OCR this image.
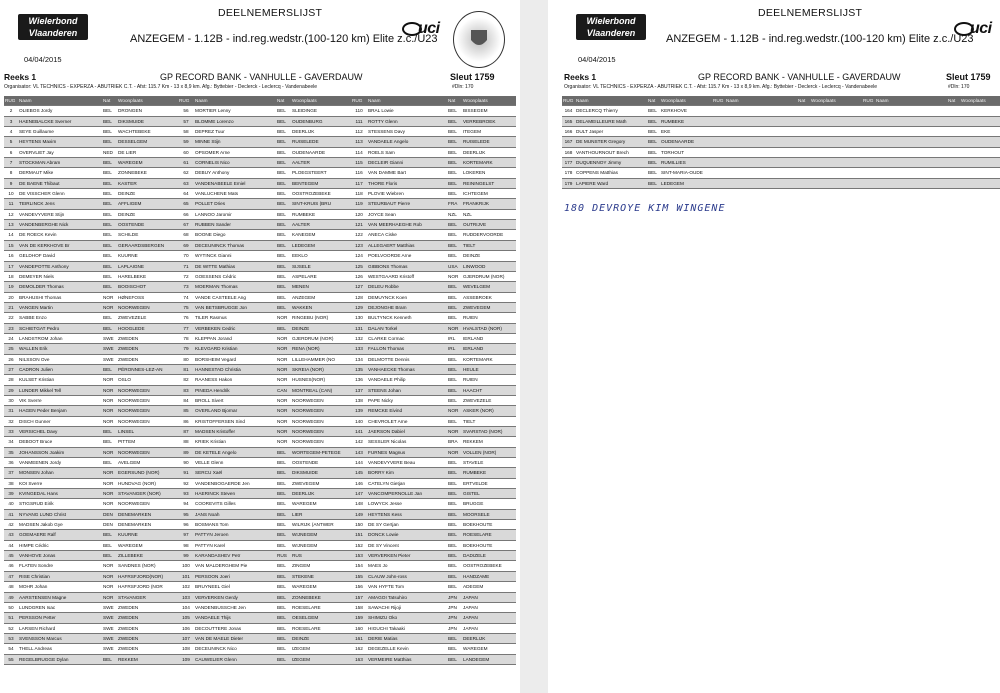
Wielerbond
Vlaanderen
04/04/2015
DEELNEMERSLIJST
ANZEGEM - 1.12B - ind.reg.wedstr.(100-120 km) Elite z.c./U23
uci
Reeks 1	GP RECORD BANK - VANHULLE - GAVERDAUW	Sleut 1759
Organisator: VL TECHNICS - EXPERZA - ABUTRIEK C.T. - Afst: 115.7 Km - 13 x 8,9 km. Afg.: Byttebier - Declerck - Leclercq - Vandenabeele	#Dln: 170
RUG	Naam	Nat	Woonplaats	RUG	Naam	Nat	Woonplaats	RUG	Naam	Nat	Woonplaats
2	OLIEBOS Jordy	BEL	DRONGEN	56	MORTIER Lenny	BEL	SLEIDINGE	110	BRAL Lowie	BEL	BISSEGEM
3	HAENEBALCKE Sverner	BEL	DIKSMUIDE	57	BLOMME Lorenzo	BEL	OUDENBURG	111	ROTTY Glenn	BEL	VERREBROEK
4	SEYE Guillaume	BEL	WACHTEBEKE	58	DEPREZ Tuur	BEL	DEERLIJK	112	STESSENS Davy	BEL	ITEGEM
5	HEYTENS Maxim	BEL	DESSELGEM	59	MINNE Stijn	BEL	RUISELEDE	113	VANDAELE Angelo	BEL	RUISELEDE
6	OVERVLIET Jay	NED	DE LIER	60	OPSOMER Arne	BEL	OUDENAARDE	114	ROELS Sam	BEL	DEERLIJK
7	STOCKMAN Abram	BEL	WAREGEM	61	CORNELIS Nico	BEL	AALTER	115	DECLEIR Gianni	BEL	KORTEMARK
8	DERMAUT Mike	BEL	ZONNEBEKE	62	DEBUY Anthony	BEL	PLOEGSTEERT	116	VAN DAMME Bart	BEL	LOKEREN
9	DE BAENE Thibaut	BEL	KASTER	63	VANDENABEELE Emiel	BEL	BENTEGEM	117	THORE Floris	BEL	REININGELST
10	DE VISSCHER Glenn	BEL	DEINZE	64	VANLUCHENE Mats	BEL	OOSTROZEBEKE	118	PLOVIE Wiebren	BEL	ICHTEGEM
11	TEIRLINCK Jens	BEL	AFFLIGEM	65	POLLET Dries	BEL	SINT-KRUIS (BRU	119	STEURBAUT Pierre	FRA	FRANKRIJK
12	VANDEVYVERE Stijn	BEL	DEINZE	66	LANNOO Jaromir	BEL	RUMBEKE	120	JOYCE Sean	NZL	NZL
13	VANDENBERGHE Nick	BEL	OOSTENDE	67	RUBBEN Sander	BEL	AALTER	121	VAN MEERHAEGHE Rob	BEL	OUTRIJVE
14	DE ROECK Kevin	BEL	SCHILDE	68	BOONE Diego	BEL	KANEGEM	122	ANECA Ciske	BEL	RUDDERVOORDE
15	VAN DE KERKHOVE Br	BEL	GERAARDSBERGEN	69	DECEUNINCK Thomas	BEL	LEDEGEM	123	ALLEGAERT Matthias	BEL	TIELT
16	GELDHOF David	BEL	KUURNE	70	WYTINCK Gianni	BEL	EEKLO	124	POELVOORDE Arne	BEL	DEINZE
17	VANDEPOTTE Anthony	BEL	LAPLAIGNE	71	DE WITTE Mathias	BEL	SIJSELE	125	GIBBONS Thomas	USA	LINWOOD
18	DEMEYER Niels	BEL	HARELBEKE	72	GOESSENS Cédric	BEL	ASPELARE	126	WESTGAARD Kristoff	NOR	GJERDRUM (NOR)
19	DEMOLDER Thomas	BEL	BOOISCHOT	73	MOERMAN Thomas	BEL	MENEN	127	DELEU Robbe	BEL	WEVELGEM
20	BRAHUSHI Thomas	NOR	HØNEFOSS	74	VANDE CASTEELE Ang	BEL	ANZEGEM	128	DEMUYNCK Koen	BEL	ASSEBROEK
21	VANGEN Martin	NOR	NOORWEGEN	75	VAN BETSBRUGGE Jon	BEL	WAKKEN	129	DEJONGHE Bram	BEL	ZWEVEGEM
22	SABBE Enzo	BEL	ZWEVEZELE	76	TILER Rasmus	NOR	RINGEBU (NOR)	130	BULTYNCK Kenneth	BEL	RUIEN
23	SCHIETGAT Pedro	BEL	HOOGLEDE	77	VERBEKEN Cedric	BEL	DEINZE	131	DALAN Torkel	NOR	HVALSTAD (NOR)
24	LANDSTROM Johan	SWE	ZWEDEN	78	KLEPPAN Jorand	NOR	GJERDRUM (NOR)	132	CLARKE Cormac	IRL	IERLAND
25	WALLEN Erik	SWE	ZWEDEN	79	KLEVGARD Kristian	NOR	RENA (NOR)	133	FALLON Thomas	IRL	IERLAND
26	NILSSON Ove	SWE	ZWEDEN	80	BORSHEIM Vegard	NOR	LILLEHAMMER (NO	134	DELMOTTE Dennis	BEL	KORTEMARK
27	CADRON Julien	BEL	PÉRONNES-LEZ-AN	81	HANNESTAD Christia	NOR	SKREIA (NOR)	135	VANHAECKE Thomas	BEL	HEULE
28	KULSET Kristian	NOR	OSLO	82	RAANESS Hakon	NOR	HUSNES(NOR)	136	VANDAELE Philip	BEL	RUIEN
29	LUNDER Mikkel Tell	NOR	NOORWEGEN	83	PINEDA Hendrik	CAN	MONTREAL (CAN)	137	STEENS Johan	BEL	HAACHT
30	VIK Sverre	NOR	NOORWEGEN	84	BROLL Sivert	NOR	NOORWEGEN	138	PAPE Nicky	BEL	ZWEVEZELE
31	HAGEN Peder Benjam	NOR	NOORWEGEN	85	OVERLAND Bjornar	NOR	NOORWEGEN	139	REMCKE Eivind	NOR	ASKER (NOR)
32	DISCH Gunner	NOR	NOORWEGEN	86	KRISTOFFERSEN Sind	NOR	NOORWEGEN	140	CHEVROLET Arne	BEL	TIELT
33	VERSICHEL Davy	BEL	LINSEL	87	MADSEN Kristoffer	NOR	NOORWEGEN	141	JAERSON Dabiel	NOR	SVARSTAD (NOR)
34	DEBOOT Bruce	BEL	PITTEM	88	KRIEK Kristian	NOR	NOORWEGEN	142	SESSLER Nicolas	BRA	REKKEM
35	JOHANSSON Joakim	NOR	NOORWEGEN	89	DE KETELE Angelo	BEL	WORTEGEM-PETEGE	143	FURNES Magnus	NOR	VOLLEN (NOR)
36	VANMEENEN Jordy	BEL	AVELGEM	90	VELLE Glenn	BEL	OOSTENDE	144	VANDEVYVERE Beau	BEL	STAVELE
37	MONSEN Johan	NOR	EGERSUND (NOR)	91	SERCU Xaël	BEL	DIKSMUIDE	145	BORRY Kim	BEL	RUMBEKE
38	KOI Sverre	NOR	HUNDVAG (NOR)	92	VANDENBOGAERDE Jen	BEL	ZWEVEGEM	146	CATELYN Gietjan	BEL	ERTVELDE
39	KVINGEDAL Hans	NOR	STAVANGER (NOR)	93	HAERINCK Steven	BEL	DEERLIJK	147	VANCOMPERNOLLE Jan	BEL	GISTEL
40	STIGSRUD Eirik	NOR	NOORWEGEN	94	COOREVITS Gilles	BEL	WAREGEM	148	LOWYCK Jesse	BEL	BRUGGE
41	NYVANG LUND Christ	DEN	DENEMARKEN	95	JANS Noah	BEL	LIER	149	HEYTENS Kess	BEL	MOORSELE
42	MADSEN Jakob Gye	DEN	DENEMARKEN	96	BOSMANS Tom	BEL	WILRIJK (ANTWER	150	DE SY Gertjan	BEL	BOEKHOUTE
43	GOEMAERE Ralf	BEL	KUURNE	97	PATTYN Jeroen	BEL	WIJNEGEM	151	DONCK Lowie	BEL	ROESELARE
44	HIMPE Cédric	BEL	WAREGEM	98	PATTYN Karel	BEL	WIJNEGEM	152	DE SY Vincent	BEL	BOEKHOUTE
45	VANHOVE Jonas	BEL	ZILLEBEKE	99	KARANDASHEV Petr	RUS	RUS	153	VERVERKEN Pieter	BEL	DADIZELE
46	FLATEN Sondre	NOR	SANDNES (NOR)	100	VAN MALDERGHEM Pie	BEL	ZINGEM	154	MAES Jo	BEL	OOSTROZEBEKE
47	RISE Christian	NOR	HAFRSFJORD(NOR)	101	PERSOON Joeri	BEL	STEKENE	155	CLAUW John-ross	BEL	HANDZAME
48	MOHR Johan	NOR	HAFRSFJORD (NOR	102	BRUYNEEL Giel	BEL	WAREGEM	156	VAN HYFTE Tom	BEL	ADEGEM
49	AARSTENSEN Magne	NOR	STAVANGER	103	VERVERKEN Gerdy	BEL	ZONNEBEKE	157	AMAGOI Tatsuhiro	JPN	JAPAN
50	LUNDGREN Isac	SWE	ZWEDEN	104	VANDENBUSSCHE Jen	BEL	ROESELARE	158	SAWACHI Rijoji	JPN	JAPAN
51	PERSSON Petter	SWE	ZWEDEN	105	VANDAELE Thijs	BEL	OESELGEM	159	SHIMIZU Oko	JPN	JAPAN
52	LARSEN Richard	SWE	ZWEDEN	106	DECOUTTERE Jonas	BEL	ROESELARE	160	HIGUCHI Takaaki	JPN	JAPAN
53	SVENSSON Marcus	SWE	ZWEDEN	107	VAN DE MAELE Dieter	BEL	DEINZE	161	DERIE Matias	BEL	DEERLIJK
54	THELL Andreas	SWE	ZWEDEN	108	DECEUNINCK Nico	BEL	IZEGEM	162	DEGEZELLE Kevin	BEL	WAREGEM
55	REGELBRUGGE Dylan	BEL	REKKEM	109	CAUWELIER Glenn	BEL	IZEGEM	163	VERMEIRE Matthias	BEL	LANDEGEM
Wielerbond
Vlaanderen
04/04/2015
DEELNEMERSLIJST
ANZEGEM - 1.12B - ind.reg.wedstr.(100-120 km) Elite z.c./U23
uci
Reeks 1	GP RECORD BANK - VANHULLE - GAVERDAUW	Sleut 1759
Organisator: VL TECHNICS - EXPERZA - ABUTRIEK C.T. - Afst: 115.7 Km - 13 x 8,9 km. Afg.: Byttebier - Declerck - Leclercq - Vandenabeele	#Dln: 170
RUG	Naam	Nat	Woonplaats	RUG	Naam	Nat	Woonplaats	RUG	Naam	Nat	Woonplaats
164	DECLERCQ Thierry	BEL	KERKHOVE								
165	DELAMEILLEURE Math	BEL	RUMBEKE								
166	DULT Jasper	BEL	EKE								
167	DE MUNSTER Gregory	BEL	OUDENAARDE								
168	VANTHOURNOUT Brech	BEL	TORHOUT								
177	DUQUENNOY Jimmy	BEL	RUMILLIES								
178	COPPENS Matthias	BEL	SINT-MARIA-OUDE								
179	LAPIERE Ward	BEL	LEDEGEM								
180 DEVROYE KIM WINGENE
